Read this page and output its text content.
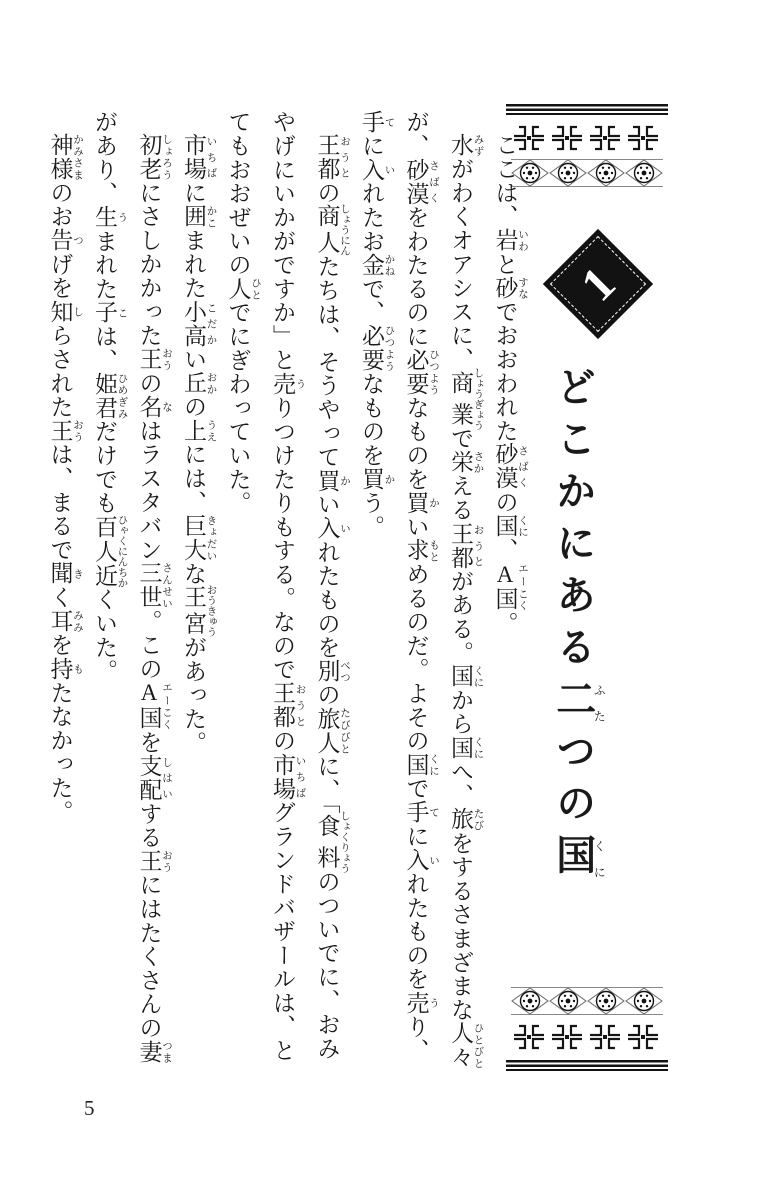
1
どこかにある二ふたつの国くに

ここは、岩 いわと砂 すなでおおわれた砂漠 さばくの国 くに、A エー国 こく。

水 みずがわくオアシスに、商業 しょうぎょうで栄 さかえる王都 おうとがある。国 くにから国 くにへ、旅 たびをするさまざまな人々 ひとびと

が、砂漠 さばくをわたるのに必要 ひつようなものを買 かい求 もとめるのだ。よその国 くにで手 てに入 いれたものを売 うり、

手 てに入 いれたお金 かねで、必要 ひつようなものを買 かう。

王都 おうとの商人 しょうにんたちは、そうやって買 かい入 いれたものを別 べつの旅人 たびびとに、「食料 しょくりょうのついでに、おみ

やげにいかがですか」と売 うりつけたりもする。なので王都 おうとの市場 いちばグランドバザールは、と

てもおおぜいの人 ひとでにぎわっていた。

市場 いちばに囲 かこまれた小高 こだかい丘 おかの上 うえには、巨大 きょだいな王宮 おうきゅうがあった。

初老 しょろうにさしかかった王 おうの名 なはラスタバン三世 さんせい。このA エー国 こくを支配 しはいする王 おうにはたくさんの妻 つま

があり、生 うまれた子 こは、姫君 ひめぎみだけでも百人近 ひゃくにんちかくいた。

神様 かみさまのお告 つげを知 しらされた王 おうは、まるで聞 きく耳 みみを持 もたなかった。

5
